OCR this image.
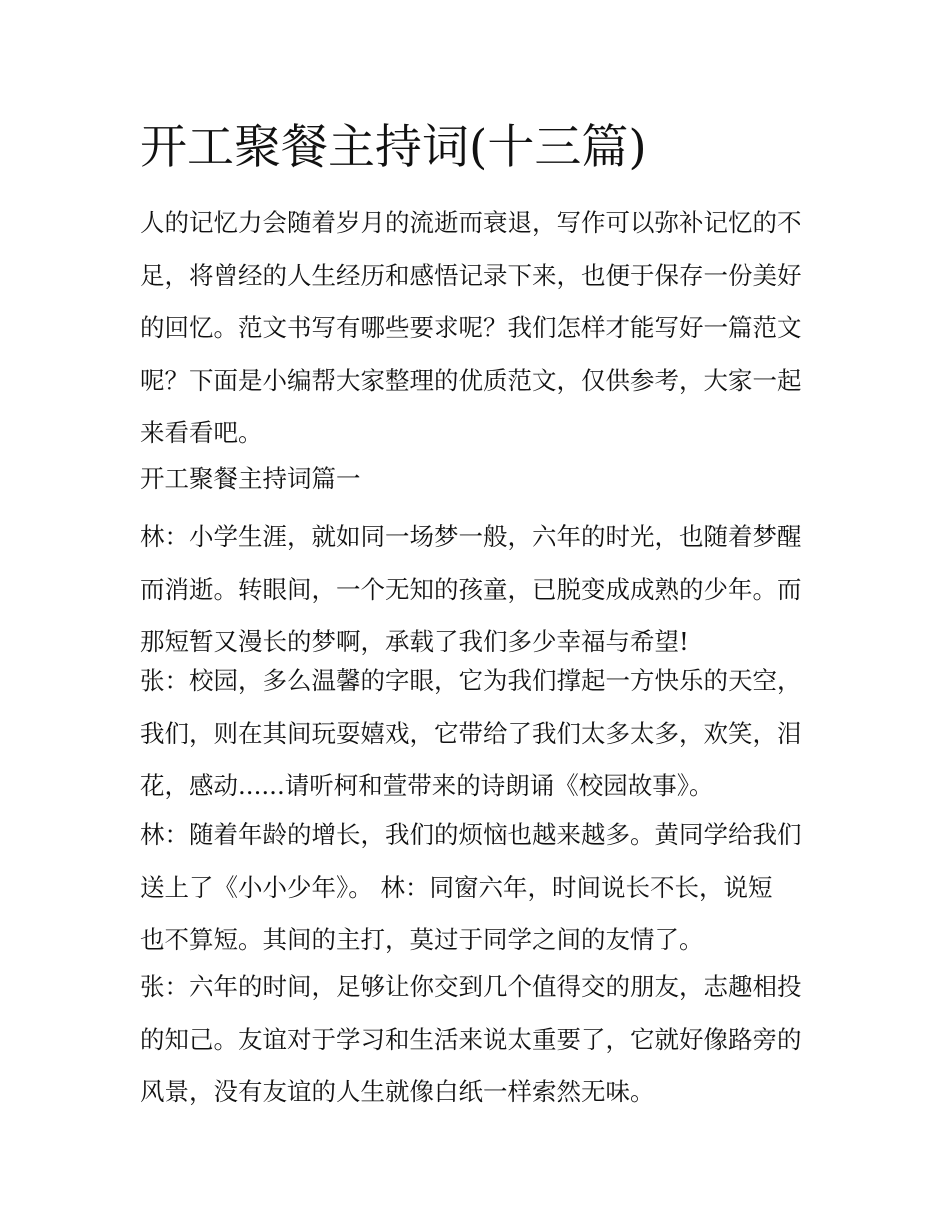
开工聚餐主持词(十三篇)
人的记忆力会随着岁月的流逝而衰退，写作可以弥补记忆的不
足，将曾经的人生经历和感悟记录下来，也便于保存一份美好
的回忆。范文书写有哪些要求呢？我们怎样才能写好一篇范文
呢？下面是小编帮大家整理的优质范文，仅供参考，大家一起
来看看吧。
开工聚餐主持词篇一
林：小学生涯，就如同一场梦一般，六年的时光，也随着梦醒
而消逝。转眼间，一个无知的孩童，已脱变成成熟的少年。而
那短暂又漫长的梦啊，承载了我们多少幸福与希望!
张：校园，多么温馨的字眼，它为我们撑起一方快乐的天空，
我们，则在其间玩耍嬉戏，它带给了我们太多太多，欢笑，泪
花，感动......请听柯和萱带来的诗朗诵《校园故事》。
林：随着年龄的增长，我们的烦恼也越来越多。黄同学给我们
送上了《小小少年》。 林：同窗六年，时间说长不长，说短
也不算短。其间的主打，莫过于同学之间的友情了。
张：六年的时间，足够让你交到几个值得交的朋友，志趣相投
的知己。友谊对于学习和生活来说太重要了，它就好像路旁的
风景，没有友谊的人生就像白纸一样索然无味。
